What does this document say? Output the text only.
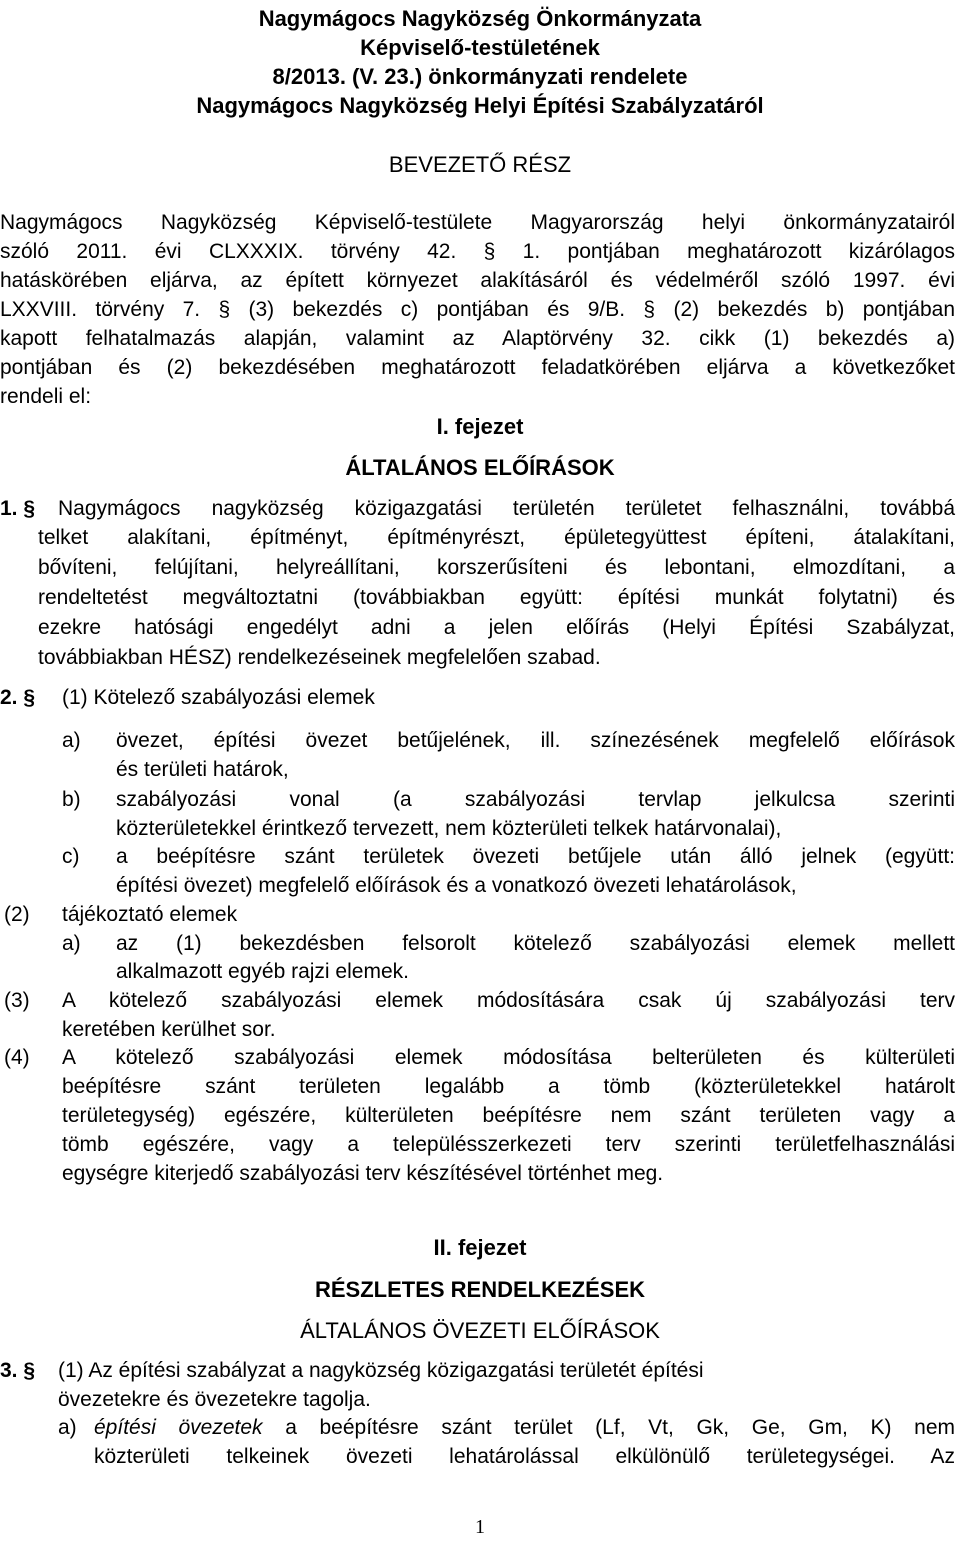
Nagymágocs Nagyközség Önkormányzata
Képviselő-testületének
8/2013. (V. 23.) önkormányzati rendelete
Nagymágocs Nagyközség Helyi Építési Szabályzatáról
BEVEZETŐ RÉSZ
Nagymágocs Nagyközség Képviselő-testülete Magyarország helyi önkormányzatairól
szóló 2011. évi CLXXXIX. törvény 42. § 1. pontjában meghatározott kizárólagos
hatáskörében eljárva, az épített környezet alakításáról és védelméről szóló 1997. évi
LXXVIII. törvény 7. § (3) bekezdés c) pontjában és 9/B. § (2) bekezdés b) pontjában
kapott felhatalmazás alapján, valamint az Alaptörvény 32. cikk (1) bekezdés a)
pontjában és (2) bekezdésében meghatározott feladatkörében eljárva a következőket
rendeli el:
I. fejezet
ÁLTALÁNOS ELŐÍRÁSOK
1. § Nagymágocs nagyközség közigazgatási területén területet felhasználni, továbbá
telket alakítani, építményt, építményrészt, épületegyüttest építeni, átalakítani,
bővíteni, felújítani, helyreállítani, korszerűsíteni és lebontani, elmozdítani, a
rendeltetést megváltoztatni (továbbiakban együtt: építési munkát folytatni) és
ezekre hatósági engedélyt adni a jelen előírás (Helyi Építési Szabályzat,
továbbiakban HÉSZ) rendelkezéseinek megfelelően szabad.
2. § (1) Kötelező szabályozási elemek
a) övezet, építési övezet betűjelének, ill. színezésének megfelelő előírások
és területi határok,
b) szabályozási vonal (a szabályozási tervlap jelkulcsa szerinti
közterületekkel érintkező tervezett, nem közterületi telkek határvonalai),
c) a beépítésre szánt területek övezeti betűjele után álló jelnek (együtt:
építési övezet) megfelelő előírások és a vonatkozó övezeti lehatárolások,
(2) tájékoztató elemek
a) az (1) bekezdésben felsorolt kötelező szabályozási elemek mellett
alkalmazott egyéb rajzi elemek.
(3) A kötelező szabályozási elemek módosítására csak új szabályozási terv
keretében kerülhet sor.
(4) A kötelező szabályozási elemek módosítása belterületen és külterületi
beépítésre szánt területen legalább a tömb (közterületekkel határolt
területegység) egészére, külterületen beépítésre nem szánt területen vagy a
tömb egészére, vagy a településszerkezeti terv szerinti területfelhasználási
egységre kiterjedő szabályozási terv készítésével történhet meg.
II. fejezet
RÉSZLETES RENDELKEZÉSEK
ÁLTALÁNOS ÖVEZETI ELŐÍRÁSOK
3. § (1) Az építési szabályzat a nagyközség közigazgatási területét építési
övezetekre és övezetekre tagolja.
a) építési övezetek a beépítésre szánt terület (Lf, Vt, Gk, Ge, Gm, K) nem
közterületi telkeinek övezeti lehatárolással elkülönülő területegységei. Az
1
